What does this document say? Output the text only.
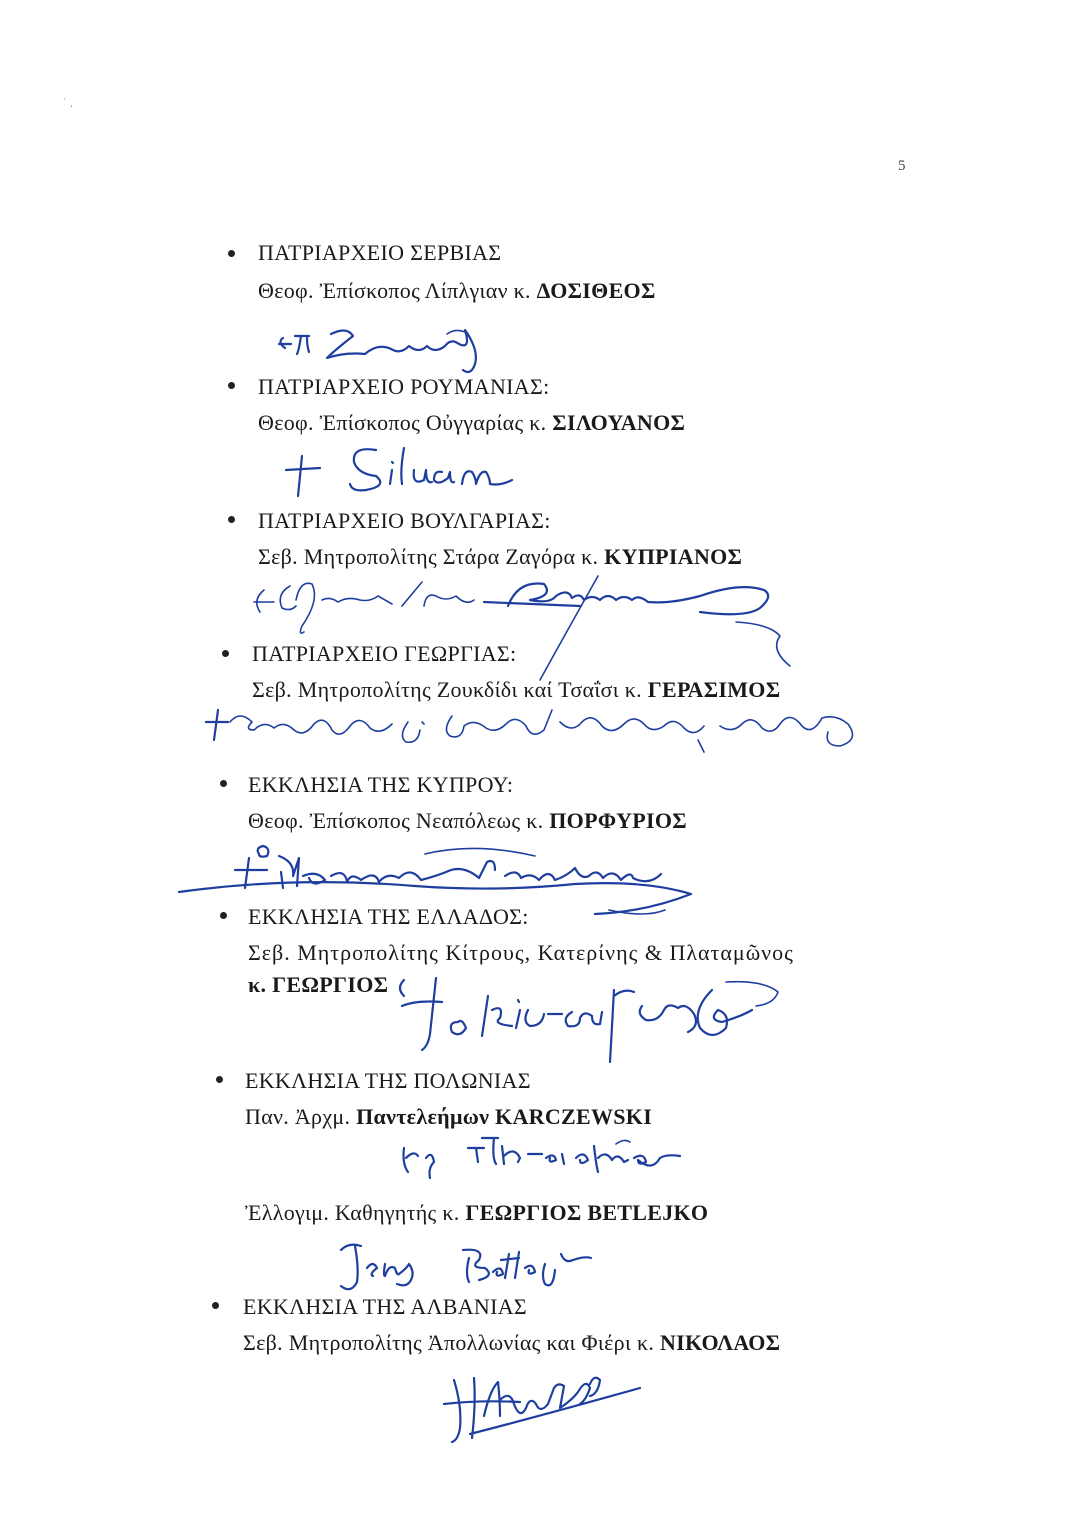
˙ ,
5
ΠΑΤΡΙΑΡΧΕΙΟ ΣΕΡΒΙΑΣ
Θεοφ. Ἐπίσκοπος Λίπλγιαν κ. ΔΟΣΙΘΕΟΣ
ΠΑΤΡΙΑΡΧΕΙΟ ΡΟΥΜΑΝΙΑΣ:
Θεοφ. Ἐπίσκοπος Οὐγγαρίας κ. ΣΙΛΟΥΑΝΟΣ
ΠΑΤΡΙΑΡΧΕΙΟ ΒΟΥΛΓΑΡΙΑΣ:
Σεβ. Μητροπολίτης Στάρα Ζαγόρα κ. ΚΥΠΡΙΑΝΟΣ
ΠΑΤΡΙΑΡΧΕΙΟ ΓΕΩΡΓΙΑΣ:
Σεβ. Μητροπολίτης Ζουκδίδι καί Τσαΐσι κ. ΓΕΡΑΣΙΜΟΣ
ΕΚΚΛΗΣΙΑ ΤΗΣ ΚΥΠΡΟΥ:
Θεοφ. Ἐπίσκοπος Νεαπόλεως κ. ΠΟΡΦΥΡΙΟΣ
ΕΚΚΛΗΣΙΑ ΤΗΣ ΕΛΛΑΔΟΣ:
Σεβ. Μητροπολίτης Κίτρους, Κατερίνης & Πλαταμῶνος
κ. ΓΕΩΡΓΙΟΣ
ΕΚΚΛΗΣΙΑ ΤΗΣ ΠΟΛΩΝΙΑΣ
Παν. Ἀρχμ. Παντελεήμων KARCZEWSKI
Ἐλλογιμ. Καθηγητής κ. ΓΕΩΡΓΙΟΣ BETLEJKO
ΕΚΚΛΗΣΙΑ ΤΗΣ ΑΛΒΑΝΙΑΣ
Σεβ. Μητροπολίτης Ἀπολλωνίας και Φιέρι κ. ΝΙΚΟΛΑΟΣ
